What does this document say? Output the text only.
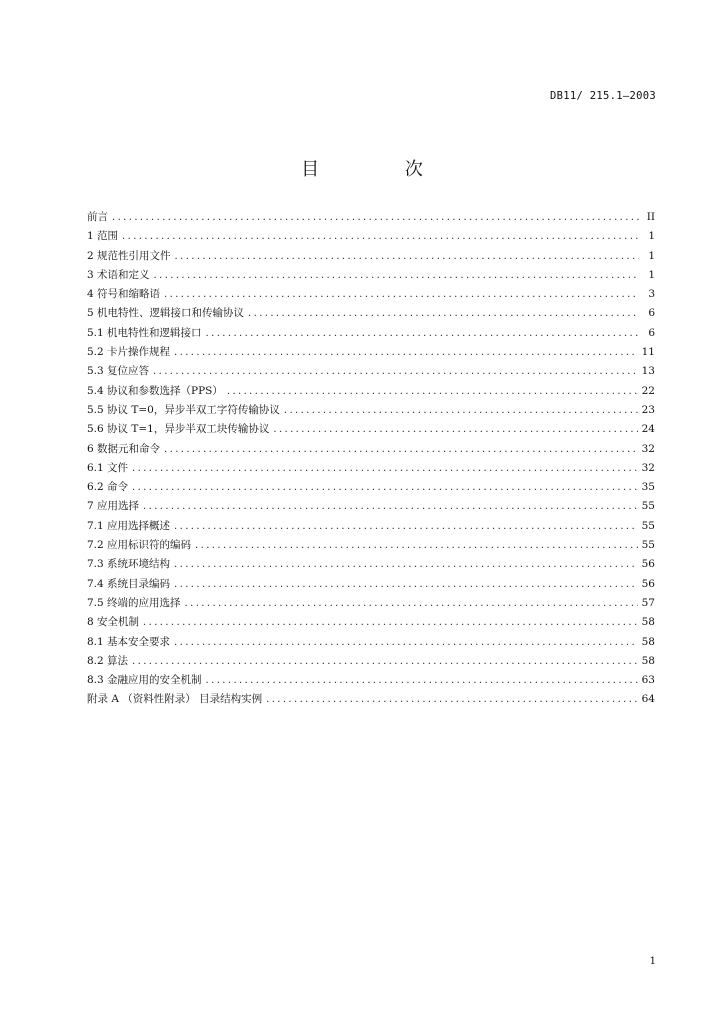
DB11/ 215.1—2003
目 次
前言 .....	II
1 范围 .....	1
2 规范性引用文件 .....	1
3 术语和定义 .....	1
4 符号和缩略语 .....	3
5 机电特性、逻辑接口和传输协议 .....	6
5.1 机电特性和逻辑接口 .....	6
5.2 卡片操作规程 .....	11
5.3 复位应答 .....	13
5.4 协议和参数选择（PPS） .....	22
5.5 协议 T=0，异步半双工字符传输协议 .....	23
5.6 协议 T=1，异步半双工块传输协议 .....	24
6 数据元和命令 .....	32
6.1 文件 .....	32
6.2 命令 .....	35
7 应用选择 .....	55
7.1 应用选择概述 .....	55
7.2 应用标识符的编码 .....	55
7.3 系统环境结构 .....	56
7.4 系统目录编码 .....	56
7.5 终端的应用选择 .....	57
8 安全机制 .....	58
8.1 基本安全要求 .....	58
8.2 算法 .....	58
8.3 金融应用的安全机制 .....	63
附录 A （资料性附录） 目录结构实例 .....	64
1
